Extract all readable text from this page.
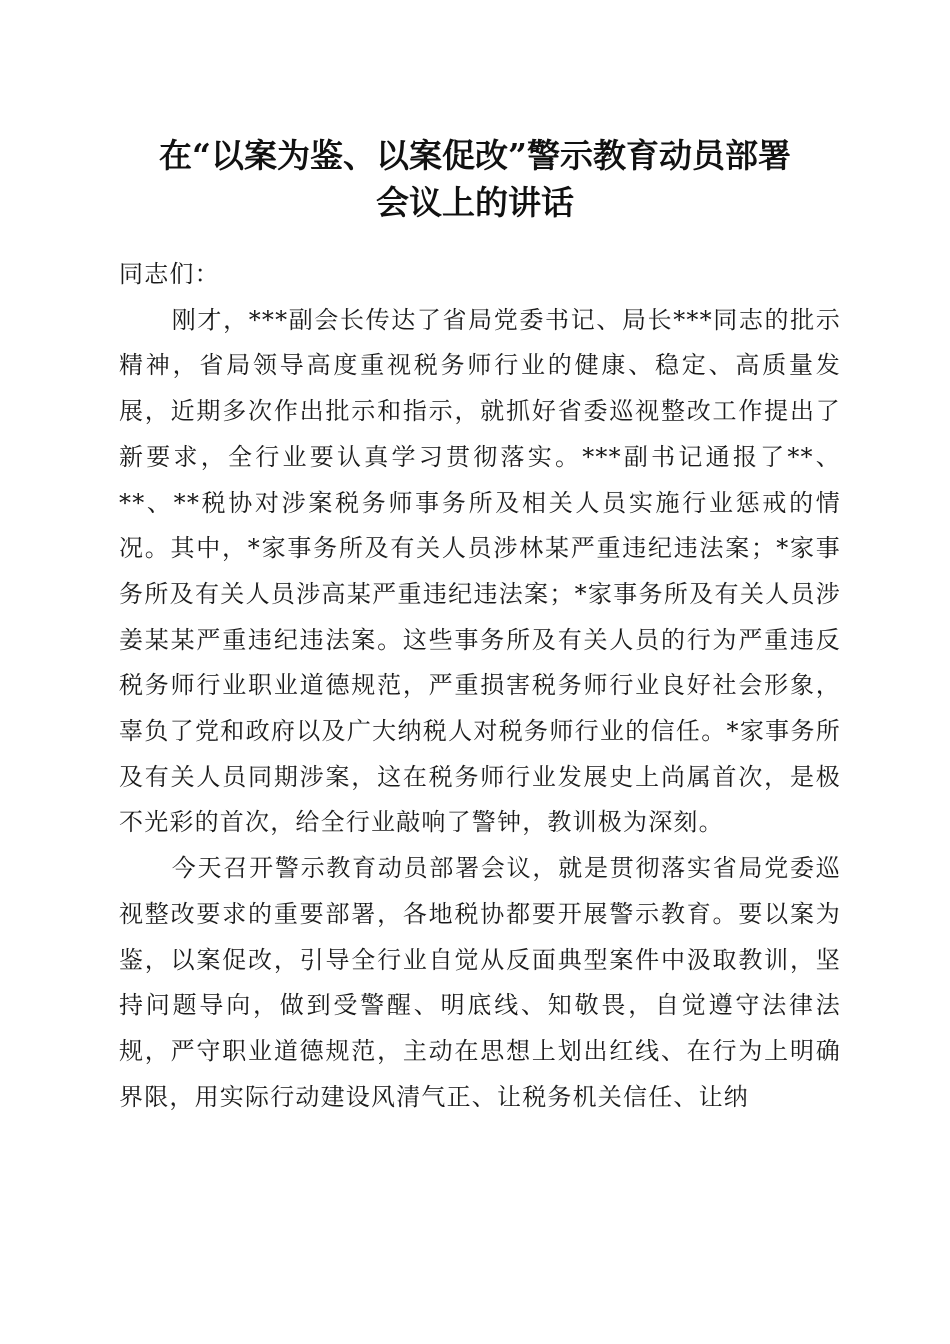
在“以案为鉴、以案促改”警示教育动员部署
会议上的讲话

同志们：

刚才，***副会长传达了省局党委书记、局长***同志的批示精神，省局领导高度重视税务师行业的健康、稳定、高质量发展，近期多次作出批示和指示，就抓好省委巡视整改工作提出了新要求，全行业要认真学习贯彻落实。***副书记通报了**、**、**税协对涉案税务师事务所及相关人员实施行业惩戒的情况。其中，*家事务所及有关人员涉林某严重违纪违法案；*家事务所及有关人员涉高某严重违纪违法案；*家事务所及有关人员涉姜某某严重违纪违法案。这些事务所及有关人员的行为严重违反税务师行业职业道德规范，严重损害税务师行业良好社会形象，辜负了党和政府以及广大纳税人对税务师行业的信任。*家事务所及有关人员同期涉案，这在税务师行业发展史上尚属首次，是极不光彩的首次，给全行业敲响了警钟，教训极为深刻。

今天召开警示教育动员部署会议，就是贯彻落实省局党委巡视整改要求的重要部署，各地税协都要开展警示教育。要以案为鉴，以案促改，引导全行业自觉从反面典型案件中汲取教训，坚持问题导向，做到受警醒、明底线、知敬畏，自觉遵守法律法规，严守职业道德规范，主动在思想上划出红线、在行为上明确界限，用实际行动建设风清气正、让税务机关信任、让纳
